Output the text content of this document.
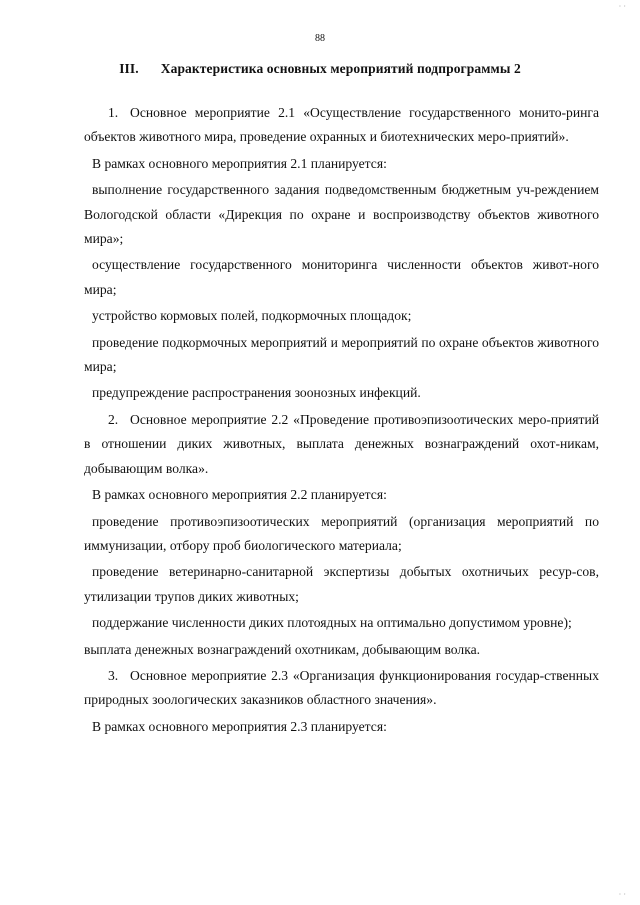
88
III. Характеристика основных мероприятий подпрограммы 2

1. Основное мероприятие 2.1 «Осуществление государственного монито-ринга объектов животного мира, проведение охранных и биотехнических меро-приятий».

В рамках основного мероприятия 2.1 планируется:

выполнение государственного задания подведомственным бюджетным уч-реждением Вологодской области «Дирекция по охране и воспроизводству объектов животного мира»;

осуществление государственного мониторинга численности объектов живот-ного мира;

устройство кормовых полей, подкормочных площадок;

проведение подкормочных мероприятий и мероприятий по охране объектов животного мира;

предупреждение распространения зоонозных инфекций.

2. Основное мероприятие 2.2 «Проведение противоэпизоотических меро-приятий в отношении диких животных, выплата денежных вознаграждений охот-никам, добывающим волка».

В рамках основного мероприятия 2.2 планируется:

проведение противоэпизоотических мероприятий (организация мероприятий по иммунизации, отбору проб биологического материала;

проведение ветеринарно-санитарной экспертизы добытых охотничьих ресур-сов, утилизации трупов диких животных;

поддержание численности диких плотоядных на оптимально допустимом уровне);

выплата денежных вознаграждений охотникам, добывающим волка.

3. Основное мероприятие 2.3 «Организация функционирования государ-ственных природных зоологических заказников областного значения».

В рамках основного мероприятия 2.3 планируется:

· ·
· ·
